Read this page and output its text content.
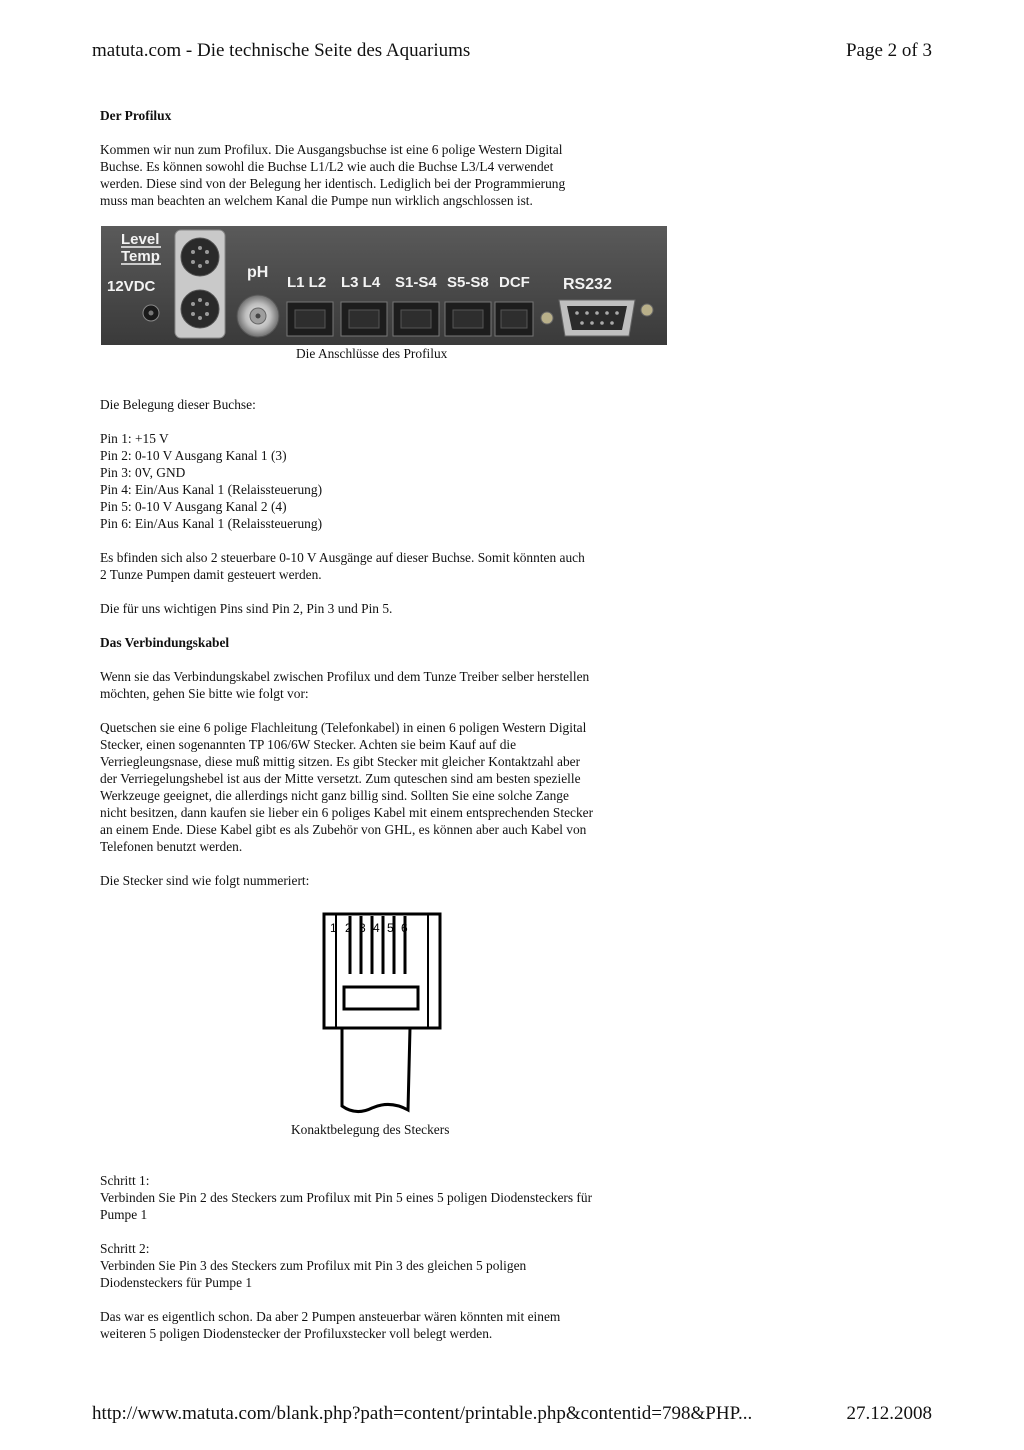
matuta.com - Die technische Seite des Aquariums	Page 2 of 3
http://www.matuta.com/blank.php?path=content/printable.php&contentid=798&PHP...	27.12.2008

Der Profilux

Kommen wir nun zum Profilux. Die Ausgangsbuchse ist eine 6 polige Western Digital

Buchse. Es können sowohl die Buchse L1/L2 wie auch die Buchse L3/L4 verwendet

werden. Diese sind von der Belegung her identisch. Lediglich bei der Programmierung

muss man beachten an welchem Kanal die Pumpe nun wirklich angschlossen ist.

Level
Temp
12VDC
pH
L1 L2 L3 L4 S1-S4 S5-S8 DCF RS232
Die Anschlüsse des Profilux

Die Belegung dieser Buchse:

Pin 1: +15 V

Pin 2: 0-10 V Ausgang Kanal 1 (3)

Pin 3: 0V, GND

Pin 4: Ein/Aus Kanal 1 (Relaissteuerung)

Pin 5: 0-10 V Ausgang Kanal 2 (4)

Pin 6: Ein/Aus Kanal 1 (Relaissteuerung)

Es bfinden sich also 2 steuerbare 0-10 V Ausgänge auf dieser Buchse. Somit könnten auch

2 Tunze Pumpen damit gesteuert werden.

Die für uns wichtigen Pins sind Pin 2, Pin 3 und Pin 5.

Das Verbindungskabel

Wenn sie das Verbindungskabel zwischen Profilux und dem Tunze Treiber selber herstellen

möchten, gehen Sie bitte wie folgt vor:

Quetschen sie eine 6 polige Flachleitung (Telefonkabel) in einen 6 poligen Western Digital

Stecker, einen sogenannten TP 106/6W Stecker. Achten sie beim Kauf auf die

Verriegleungsnase, diese muß mittig sitzen. Es gibt Stecker mit gleicher Kontaktzahl aber

der Verriegelungshebel ist aus der Mitte versetzt. Zum quteschen sind am besten spezielle

Werkzeuge geeignet, die allerdings nicht ganz billig sind. Sollten Sie eine solche Zange

nicht besitzen, dann kaufen sie lieber ein 6 poliges Kabel mit einem entsprechenden Stecker

an einem Ende. Diese Kabel gibt es als Zubehör von GHL, es können aber auch Kabel von

Telefonen benutzt werden.

Die Stecker sind wie folgt nummeriert:

1 2 3 4 5 6
Konaktbelegung des Steckers

Schritt 1:

Verbinden Sie Pin 2 des Steckers zum Profilux mit Pin 5 eines 5 poligen Diodensteckers für

Pumpe 1

Schritt 2:

Verbinden Sie Pin 3 des Steckers zum Profilux mit Pin 3 des gleichen 5 poligen

Diodensteckers für Pumpe 1

Das war es eigentlich schon. Da aber 2 Pumpen ansteuerbar wären könnten mit einem

weiteren 5 poligen Diodenstecker der Profiluxstecker voll belegt werden.
